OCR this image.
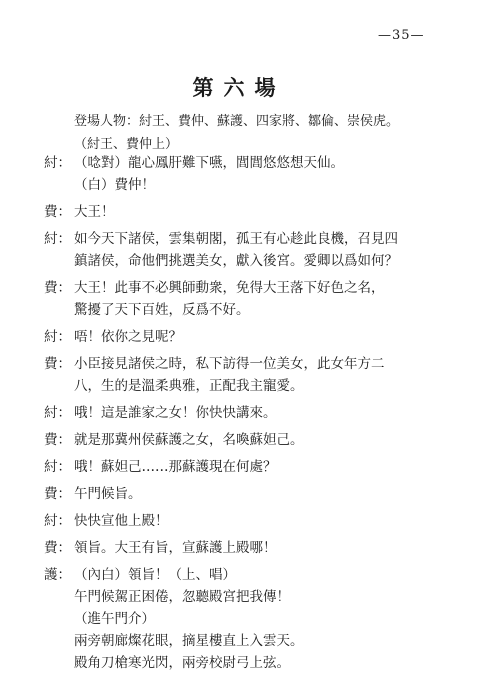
—35—
第六場
登場人物：紂王、費仲、蘇護、四家將、鄒倫、崇侯虎。
（紂王、費仲上）
紂： （唸對）龍心鳳肝難下嚥，閭閭悠悠想天仙。
（白）費仲！
費： 大王！
紂： 如今天下諸侯，雲集朝閣，孤王有心趁此良機，召見四
鎮諸侯，命他們挑選美女，獻入後宮。愛卿以爲如何？
費： 大王！此事不必興師動衆，免得大王落下好色之名，
驚擾了天下百姓，反爲不好。
紂： 唔！依你之見呢？
費： 小臣接見諸侯之時，私下訪得一位美女，此女年方二
八，生的是溫柔典雅，正配我主寵愛。
紂： 哦！這是誰家之女！你快快講來。
費： 就是那冀州侯蘇護之女，名喚蘇妲己。
紂： 哦！蘇妲己……那蘇護現在何處？
費： 午門候旨。
紂： 快快宣他上殿！
費： 領旨。大王有旨，宣蘇護上殿哪！
護： （內白）領旨！（上、唱）
午門候駕正困倦，忽聽殿宮把我傳！
（進午門介）
兩旁朝廊燦花眼，摘星樓直上入雲天。
殿角刀槍寒光閃，兩旁校尉弓上弦。
